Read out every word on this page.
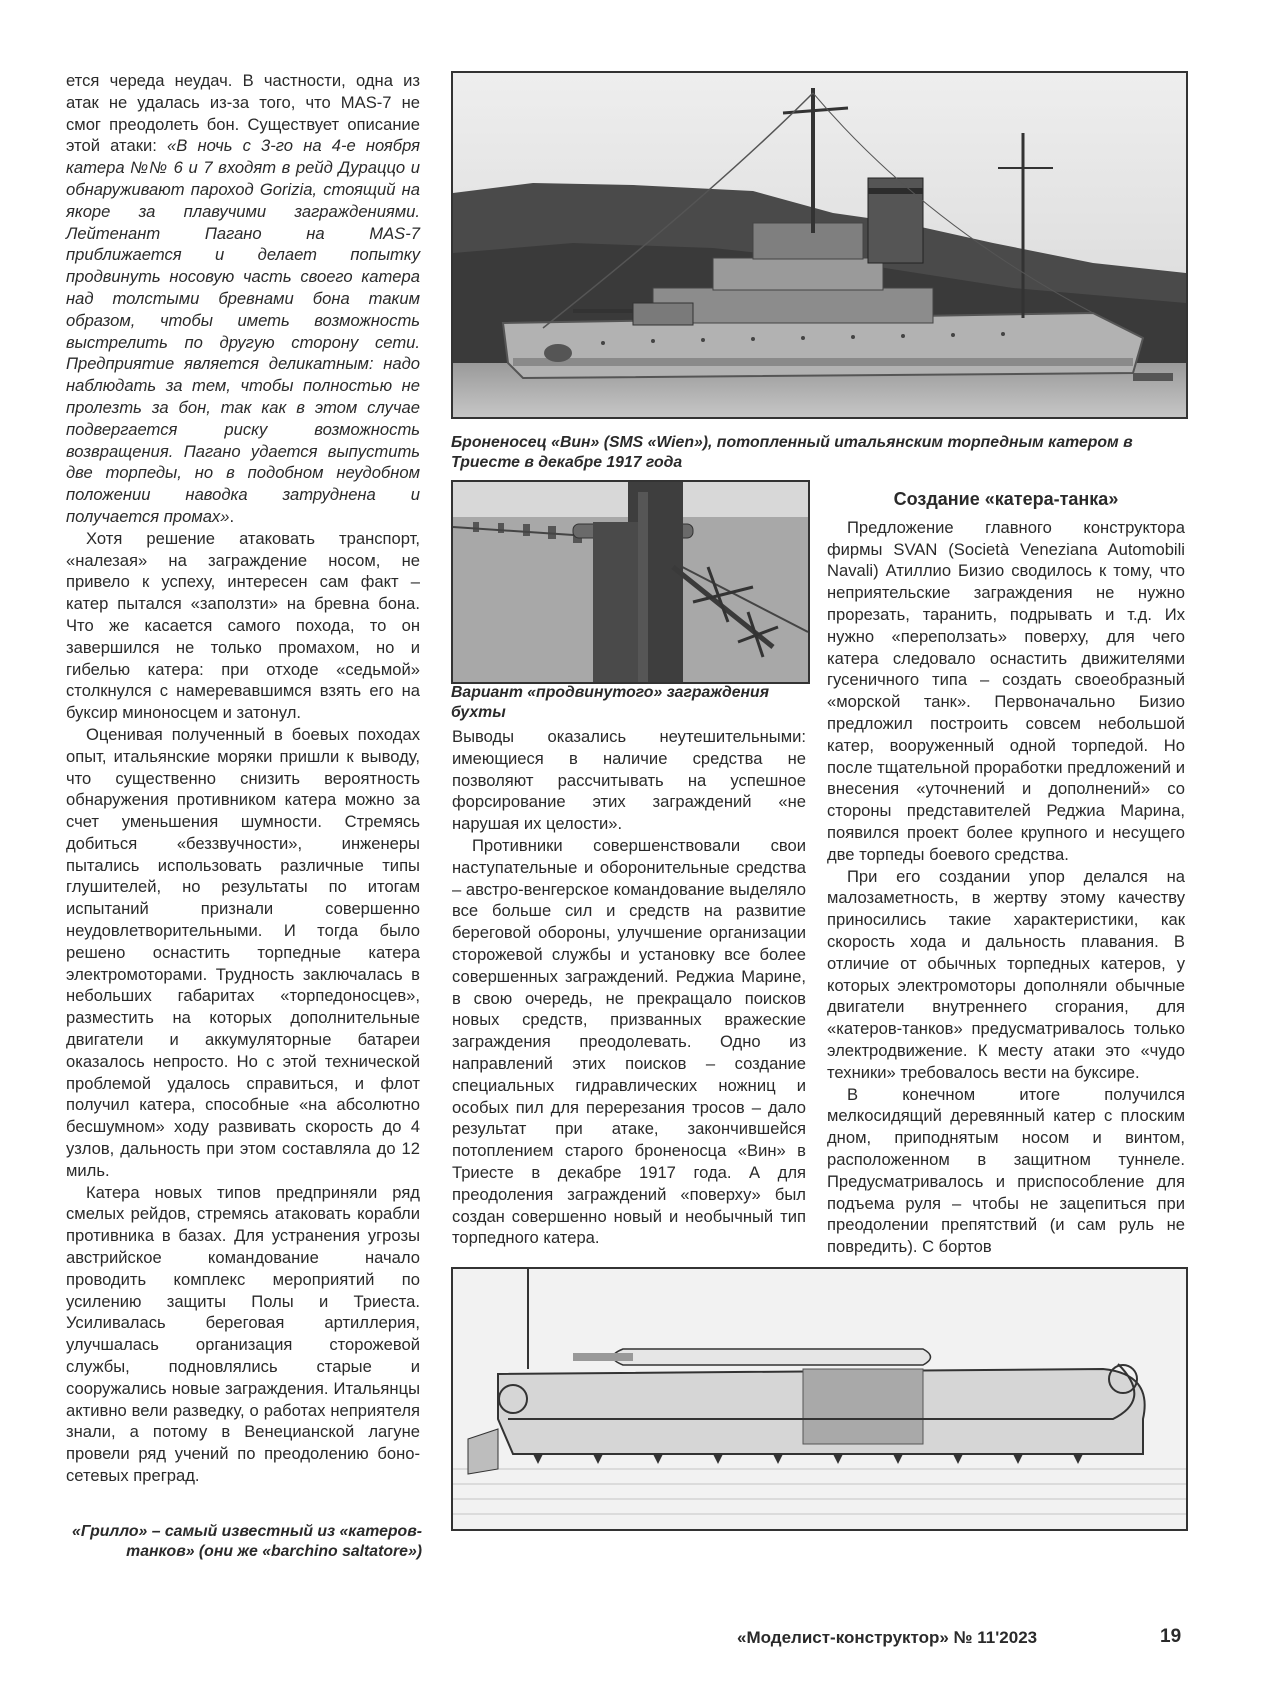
ется череда неудач. В частности, одна из атак не удалась из-за того, что MAS-7 не смог преодолеть бон. Существует описание этой атаки: «В ночь с 3-го на 4-е ноября катера №№ 6 и 7 входят в рейд Дураццо и обнаруживают пароход Gorizia, стоящий на якоре за плавучими заграждениями. Лейтенант Пагано на MAS-7 приближается и делает попытку продвинуть носовую часть своего катера над толстыми бревнами бона таким образом, чтобы иметь возможность выстрелить по другую сторону сети. Предприятие является деликатным: надо наблюдать за тем, чтобы полностью не пролезть за бон, так как в этом случае подвергается риску возможность возвращения. Пагано удается выпустить две торпеды, но в подобном неудобном положении наводка затруднена и получается промах».

Хотя решение атаковать транспорт, «налезая» на заграждение носом, не привело к успеху, интересен сам факт – катер пытался «заползти» на бревна бона. Что же касается самого похода, то он завершился не только промахом, но и гибелью катера: при отходе «седьмой» столкнулся с намеревавшимся взять его на буксир миноносцем и затонул.

Оценивая полученный в боевых походах опыт, итальянские моряки пришли к выводу, что существенно снизить вероятность обнаружения противником катера можно за счет уменьшения шумности. Стремясь добиться «беззвучности», инженеры пытались использовать различные типы глушителей, но результаты по итогам испытаний признали совершенно неудовлетворительными. И тогда было решено оснастить торпедные катера электромоторами. Трудность заключалась в небольших габаритах «торпедоносцев», разместить на которых дополнительные двигатели и аккумуляторные батареи оказалось непросто. Но с этой технической проблемой удалось справиться, и флот получил катера, способные «на абсолютно бесшумном» ходу развивать скорость до 4 узлов, дальность при этом составляла до 12 миль.

Катера новых типов предприняли ряд смелых рейдов, стремясь атаковать корабли противника в базах. Для устранения угрозы австрийское командование начало проводить комплекс мероприятий по усилению защиты Полы и Триеста. Усиливалась береговая артиллерия, улучшалась организация сторожевой службы, подновлялись старые и сооружались новые заграждения. Итальянцы активно вели разведку, о работах неприятеля знали, а потому в Венецианской лагуне провели ряд учений по преодолению боно-сетевых преград.

Броненосец «Вин» (SMS «Wien»), потопленный итальянским торпедным катером в Триесте в декабре 1917 года
Вариант «продвинутого» заграждения бухты

Выводы оказались неутешительными: имеющиеся в наличие средства не позволяют рассчитывать на успешное форсирование этих заграждений «не нарушая их целости».

Противники совершенствовали свои наступательные и оборонительные средства – австро-венгерское командование выделяло все больше сил и средств на развитие береговой обороны, улучшение организации сторожевой службы и установку все более совершенных заграждений. Реджиа Марине, в свою очередь, не прекращало поисков новых средств, призванных вражеские заграждения преодолевать. Одно из направлений этих поисков – создание специальных гидравлических ножниц и особых пил для перерезания тросов – дало результат при атаке, закончившейся потоплением старого броненосца «Вин» в Триесте в декабре 1917 года. А для преодоления заграждений «поверху» был создан совершенно новый и необычный тип торпедного катера.

Создание «катера-танка»

Предложение главного конструктора фирмы SVAN (Società Veneziana Automobili Navali) Атиллио Бизио сводилось к тому, что неприятельские заграждения не нужно прорезать, таранить, подрывать и т.д. Их нужно «переползать» поверху, для чего катера следовало оснастить движителями гусеничного типа – создать своеобразный «морской танк». Первоначально Бизио предложил построить совсем небольшой катер, вооруженный одной торпедой. Но после тщательной проработки предложений и внесения «уточнений и дополнений» со стороны представителей Реджиа Марина, появился проект более крупного и несущего две торпеды боевого средства.

При его создании упор делался на малозаметность, в жертву этому качеству приносились такие характеристики, как скорость хода и дальность плавания. В отличие от обычных торпедных катеров, у которых электромоторы дополняли обычные двигатели внутреннего сгорания, для «катеров-танков» предусматривалось только электродвижение. К месту атаки это «чудо техники» требовалось вести на буксире.

В конечном итоге получился мелкосидящий деревянный катер с плоским дном, приподнятым носом и винтом, расположенном в защитном туннеле. Предусматривалось и приспособление для подъема руля – чтобы не зацепиться при преодолении препятствий (и сам руль не повредить). С бортов

«Грилло» – самый известный из «катеров-танков» (они же «barchino saltatore»)
«Моделист-конструктор» № 11'2023	19
